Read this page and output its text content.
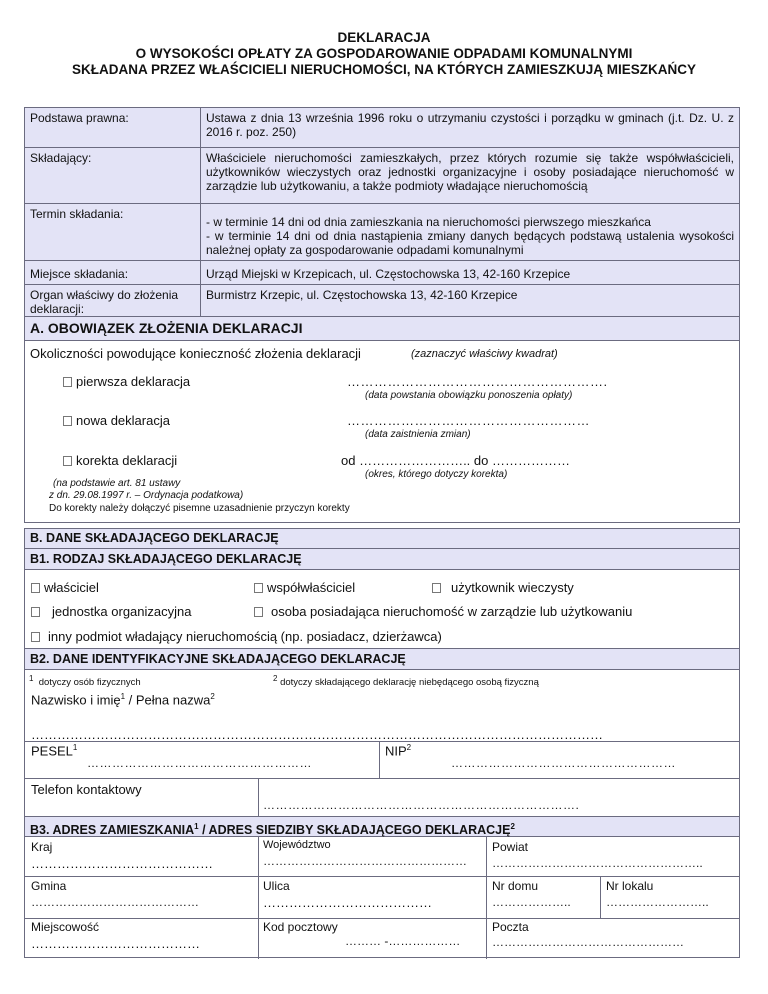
DEKLARACJA
O WYSOKOŚCI OPŁATY ZA GOSPODAROWANIE ODPADAMI KOMUNALNYMI
SKŁADANA PRZEZ WŁAŚCICIELI NIERUCHOMOŚCI, NA KTÓRYCH ZAMIESZKUJĄ MIESZKAŃCY
Podstawa prawna:	Ustawa z dnia 13 września 1996 roku o utrzymaniu czystości i porządku w gminach (j.t. Dz. U. z 2016 r. poz. 250)
Składający:	Właściciele nieruchomości zamieszkałych, przez których rozumie się także współwłaścicieli, użytkowników wieczystych oraz jednostki organizacyjne i osoby posiadające nieruchomość w zarządzie lub użytkowaniu, a także podmioty władające nieruchomością
Termin składania:	- w terminie 14 dni od dnia zamieszkania na nieruchomości pierwszego mieszkańca
- w terminie 14 dni od dnia nastąpienia zmiany danych będących podstawą ustalenia wysokości należnej opłaty za gospodarowanie odpadami komunalnymi

Miejsce składania:	Urząd Miejski w Krzepicach, ul. Częstochowska 13, 42-160 Krzepice
Organ właściwy do złożenia deklaracji:	Burmistrz Krzepic, ul. Częstochowska 13, 42-160 Krzepice
A. OBOWIĄZEK ZŁOŻENIA DEKLARACJI
Okoliczności powodujące konieczność złożenia deklaracji	(zaznaczyć właściwy kwadrat)
pierwsza deklaracja	………………………………………………….
(data powstania obowiązku ponoszenia opłaty)
nowa deklaracja	………………………………………………
(data zaistnienia zmian)
korekta deklaracji	od …………………….. do ………………
(okres, którego dotyczy korekta)
(na podstawie art. 81 ustawy
z dn. 29.08.1997 r. – Ordynacja podatkowa)
Do korekty należy dołączyć pisemne uzasadnienie przyczyn korekty
B. DANE SKŁADAJĄCEGO DEKLARACJĘ
B1. RODZAJ SKŁADAJĄCEGO DEKLARACJĘ
właściciel	współwłaściciel	użytkownik wieczysty
jednostka organizacyjna	osoba posiadająca nieruchomość w zarządzie lub użytkowaniu
inny podmiot władający nieruchomością (np. posiadacz, dzierżawca)
B2. DANE IDENTYFIKACYJNE SKŁADAJĄCEGO DEKLARACJĘ
$^1$ dotyczy osób fizycznych	$^2$ dotyczy składającego deklarację niebędącego osobą fizyczną
Nazwisko i imię$^1$ / Pełna nazwa$^2$
……………………………………………………………………………………………………………………
PESEL$^1$
………………………………………………
NIP$^2$
………………………………………………
Telefon kontaktowy
………………………………………………………………….
B3. ADRES ZAMIESZKANIA$^1$ / ADRES SIEDZIBY SKŁADAJĄCEGO DEKLARACJĘ$^2$
Kraj
……………………………………
Województwo
……………………………………………
Powiat
……………………………………………..
Gmina
……………………………………
Ulica
…………………………………
Nr domu
………………..
Nr lokalu
……………………..
Miejscowość
…………………………………
Kod pocztowy
……… -………………
Poczta
…………………………………………
